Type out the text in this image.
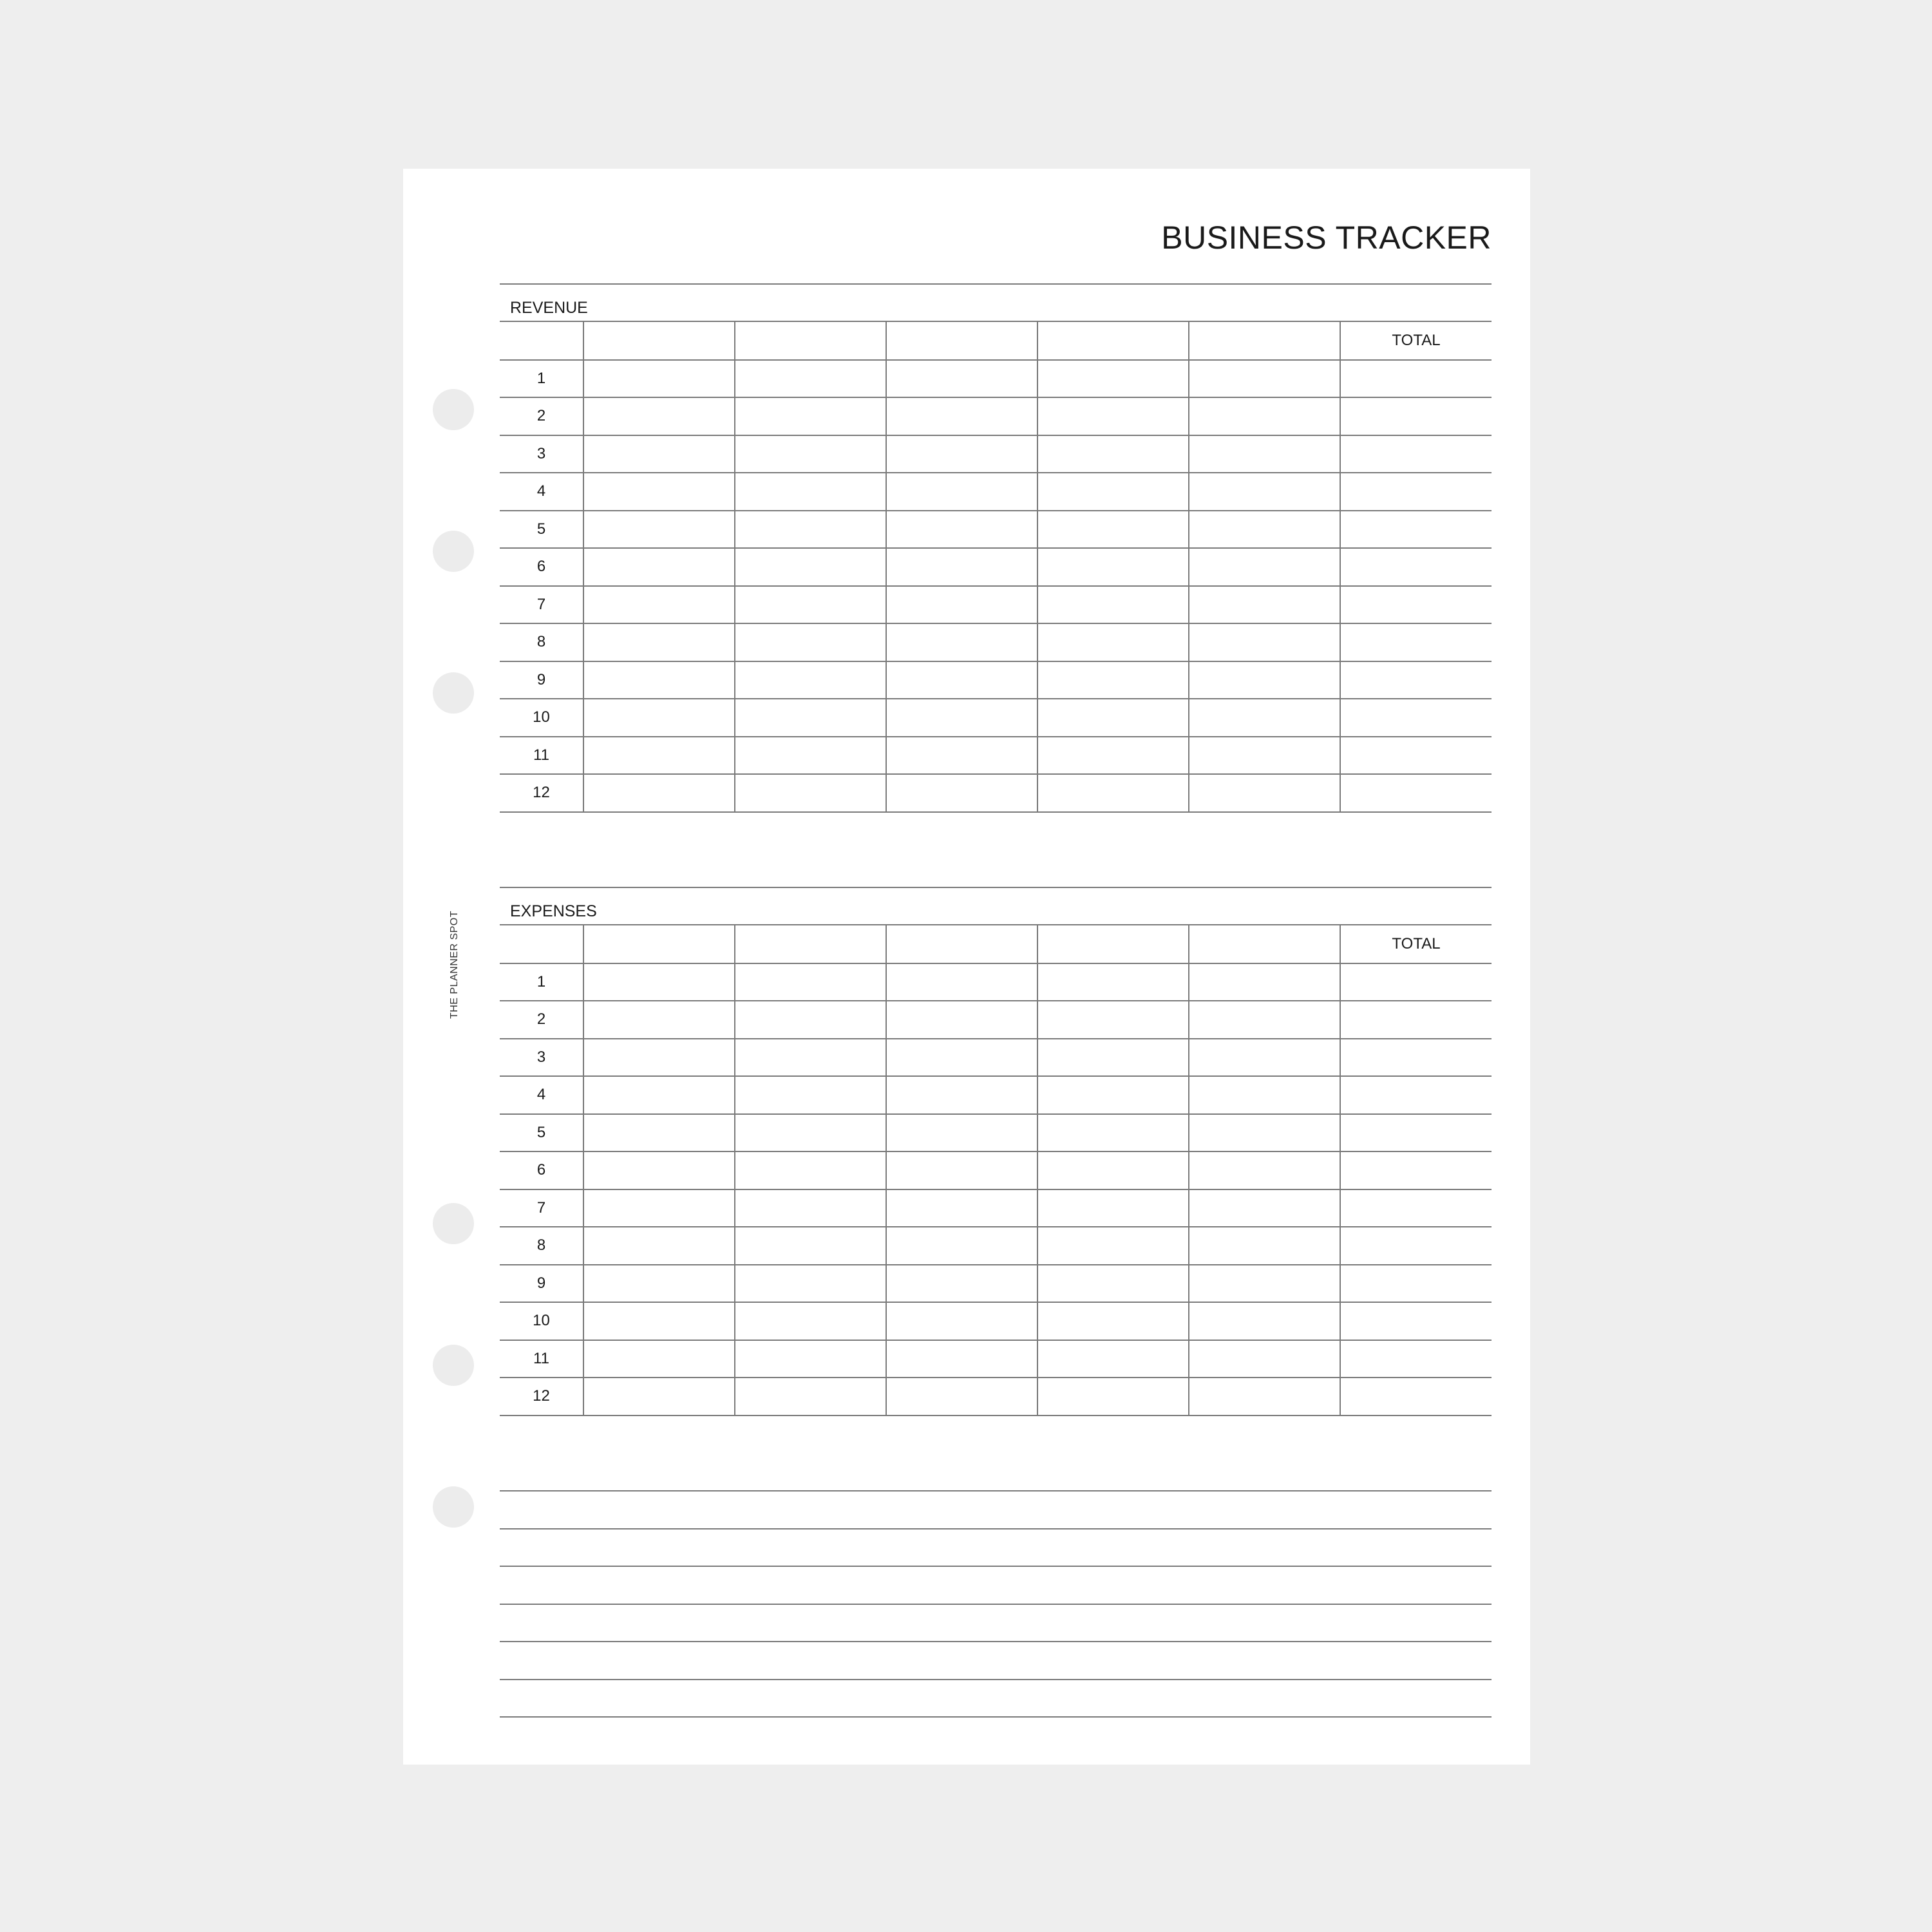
THE PLANNER SPOT
BUSINESS TRACKER
REVENUE
						TOTAL
1						
2						
3						
4						
5						
6						
7						
8						
9						
10						
11						
12						
EXPENSES
						TOTAL
1						
2						
3						
4						
5						
6						
7						
8						
9						
10						
11						
12						
